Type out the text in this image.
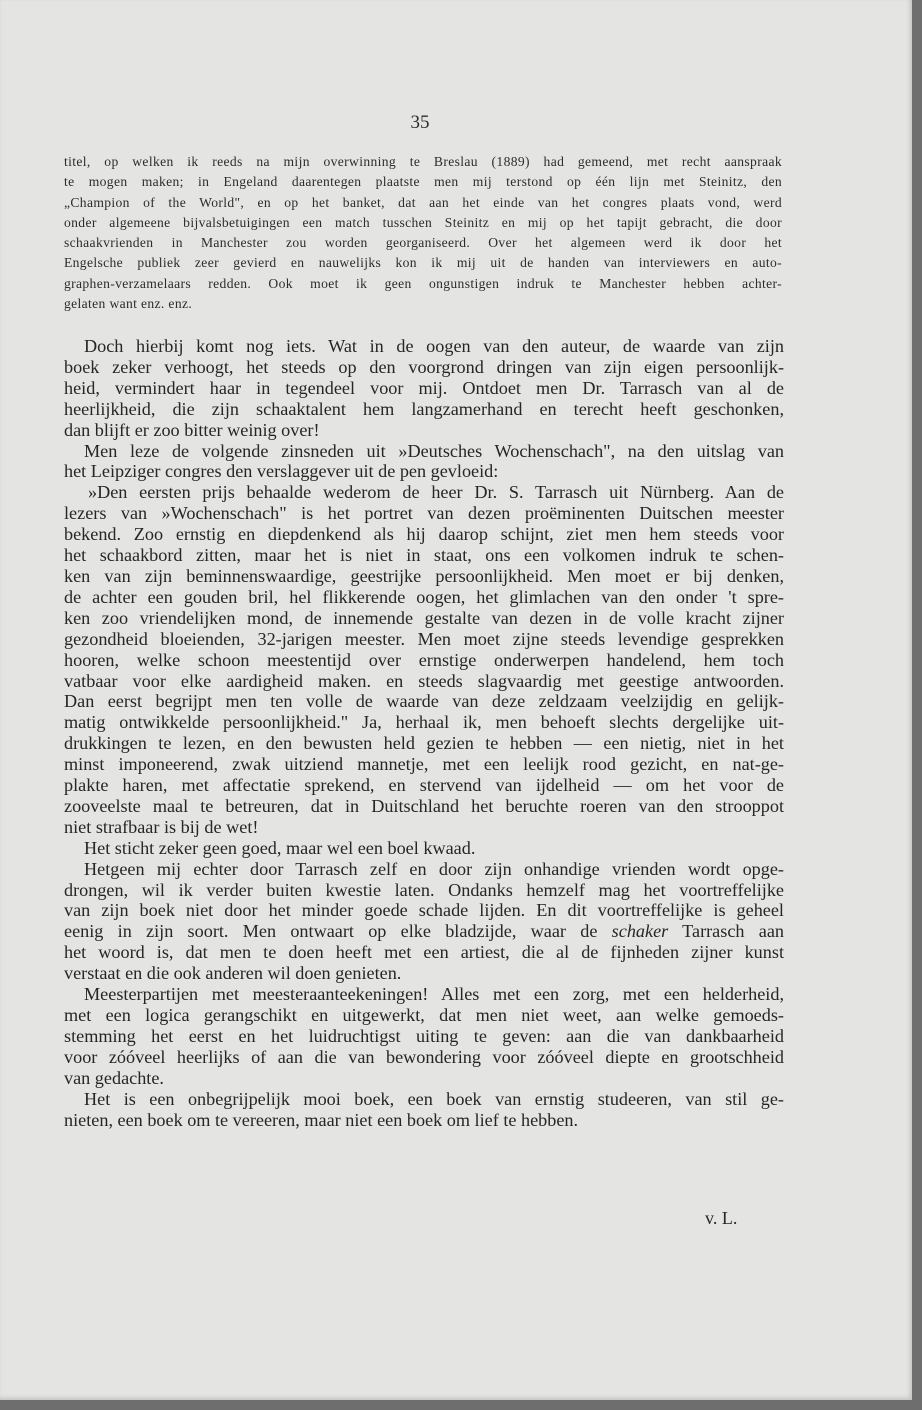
35
titel, op welken ik reeds na mijn overwinning te Breslau (1889) had gemeend, met recht aanspraak
te mogen maken; in Engeland daarentegen plaatste men mij terstond op één lijn met Steinitz, den
„Champion of the World", en op het banket, dat aan het einde van het congres plaats vond, werd
onder algemeene bijvalsbetuigingen een match tusschen Steinitz en mij op het tapijt gebracht, die door
schaakvrienden in Manchester zou worden georganiseerd. Over het algemeen werd ik door het
Engelsche publiek zeer gevierd en nauwelijks kon ik mij uit de handen van interviewers en auto-
graphen-verzamelaars redden. Ook moet ik geen ongunstigen indruk te Manchester hebben achter-
gelaten want enz. enz.

Doch hierbij komt nog iets. Wat in de oogen van den auteur, de waarde van zijn
boek zeker verhoogt, het steeds op den voorgrond dringen van zijn eigen persoonlijk-
heid, vermindert haar in tegendeel voor mij. Ontdoet men Dr. Tarrasch van al de
heerlijkheid, die zijn schaaktalent hem langzamerhand en terecht heeft geschonken,
dan blijft er zoo bitter weinig over!

Men leze de volgende zinsneden uit »Deutsches Wochenschach", na den uitslag van
het Leipziger congres den verslaggever uit de pen gevloeid:

»Den eersten prijs behaalde wederom de heer Dr. S. Tarrasch uit Nürnberg. Aan de
lezers van »Wochenschach" is het portret van dezen proëminenten Duitschen meester
bekend. Zoo ernstig en diepdenkend als hij daarop schijnt, ziet men hem steeds voor
het schaakbord zitten, maar het is niet in staat, ons een volkomen indruk te schen-
ken van zijn beminnenswaardige, geestrijke persoonlijkheid. Men moet er bij denken,
de achter een gouden bril, hel flikkerende oogen, het glimlachen van den onder 't spre-
ken zoo vriendelijken mond, de innemende gestalte van dezen in de volle kracht zijner
gezondheid bloeienden, 32-jarigen meester. Men moet zijne steeds levendige gesprekken
hooren, welke schoon meestentijd over ernstige onderwerpen handelend, hem toch
vatbaar voor elke aardigheid maken. en steeds slagvaardig met geestige antwoorden.
Dan eerst begrijpt men ten volle de waarde van deze zeldzaam veelzijdig en gelijk-
matig ontwikkelde persoonlijkheid." Ja, herhaal ik, men behoeft slechts dergelijke uit-
drukkingen te lezen, en den bewusten held gezien te hebben — een nietig, niet in het
minst imponeerend, zwak uitziend mannetje, met een leelijk rood gezicht, en nat-ge-
plakte haren, met affectatie sprekend, en stervend van ijdelheid — om het voor de
zooveelste maal te betreuren, dat in Duitschland het beruchte roeren van den strooppot
niet strafbaar is bij de wet!

Het sticht zeker geen goed, maar wel een boel kwaad.

Hetgeen mij echter door Tarrasch zelf en door zijn onhandige vrienden wordt opge-
drongen, wil ik verder buiten kwestie laten. Ondanks hemzelf mag het voortreffelijke
van zijn boek niet door het minder goede schade lijden. En dit voortreffelijke is geheel
eenig in zijn soort. Men ontwaart op elke bladzijde, waar de schaker Tarrasch aan
het woord is, dat men te doen heeft met een artiest, die al de fijnheden zijner kunst
verstaat en die ook anderen wil doen genieten.

Meesterpartijen met meesteraanteekeningen! Alles met een zorg, met een helderheid,
met een logica gerangschikt en uitgewerkt, dat men niet weet, aan welke gemoeds-
stemming het eerst en het luidruchtigst uiting te geven: aan die van dankbaarheid
voor zóóveel heerlijks of aan die van bewondering voor zóóveel diepte en grootschheid
van gedachte.

Het is een onbegrijpelijk mooi boek, een boek van ernstig studeeren, van stil ge-
nieten, een boek om te vereeren, maar niet een boek om lief te hebben.

v. L.
